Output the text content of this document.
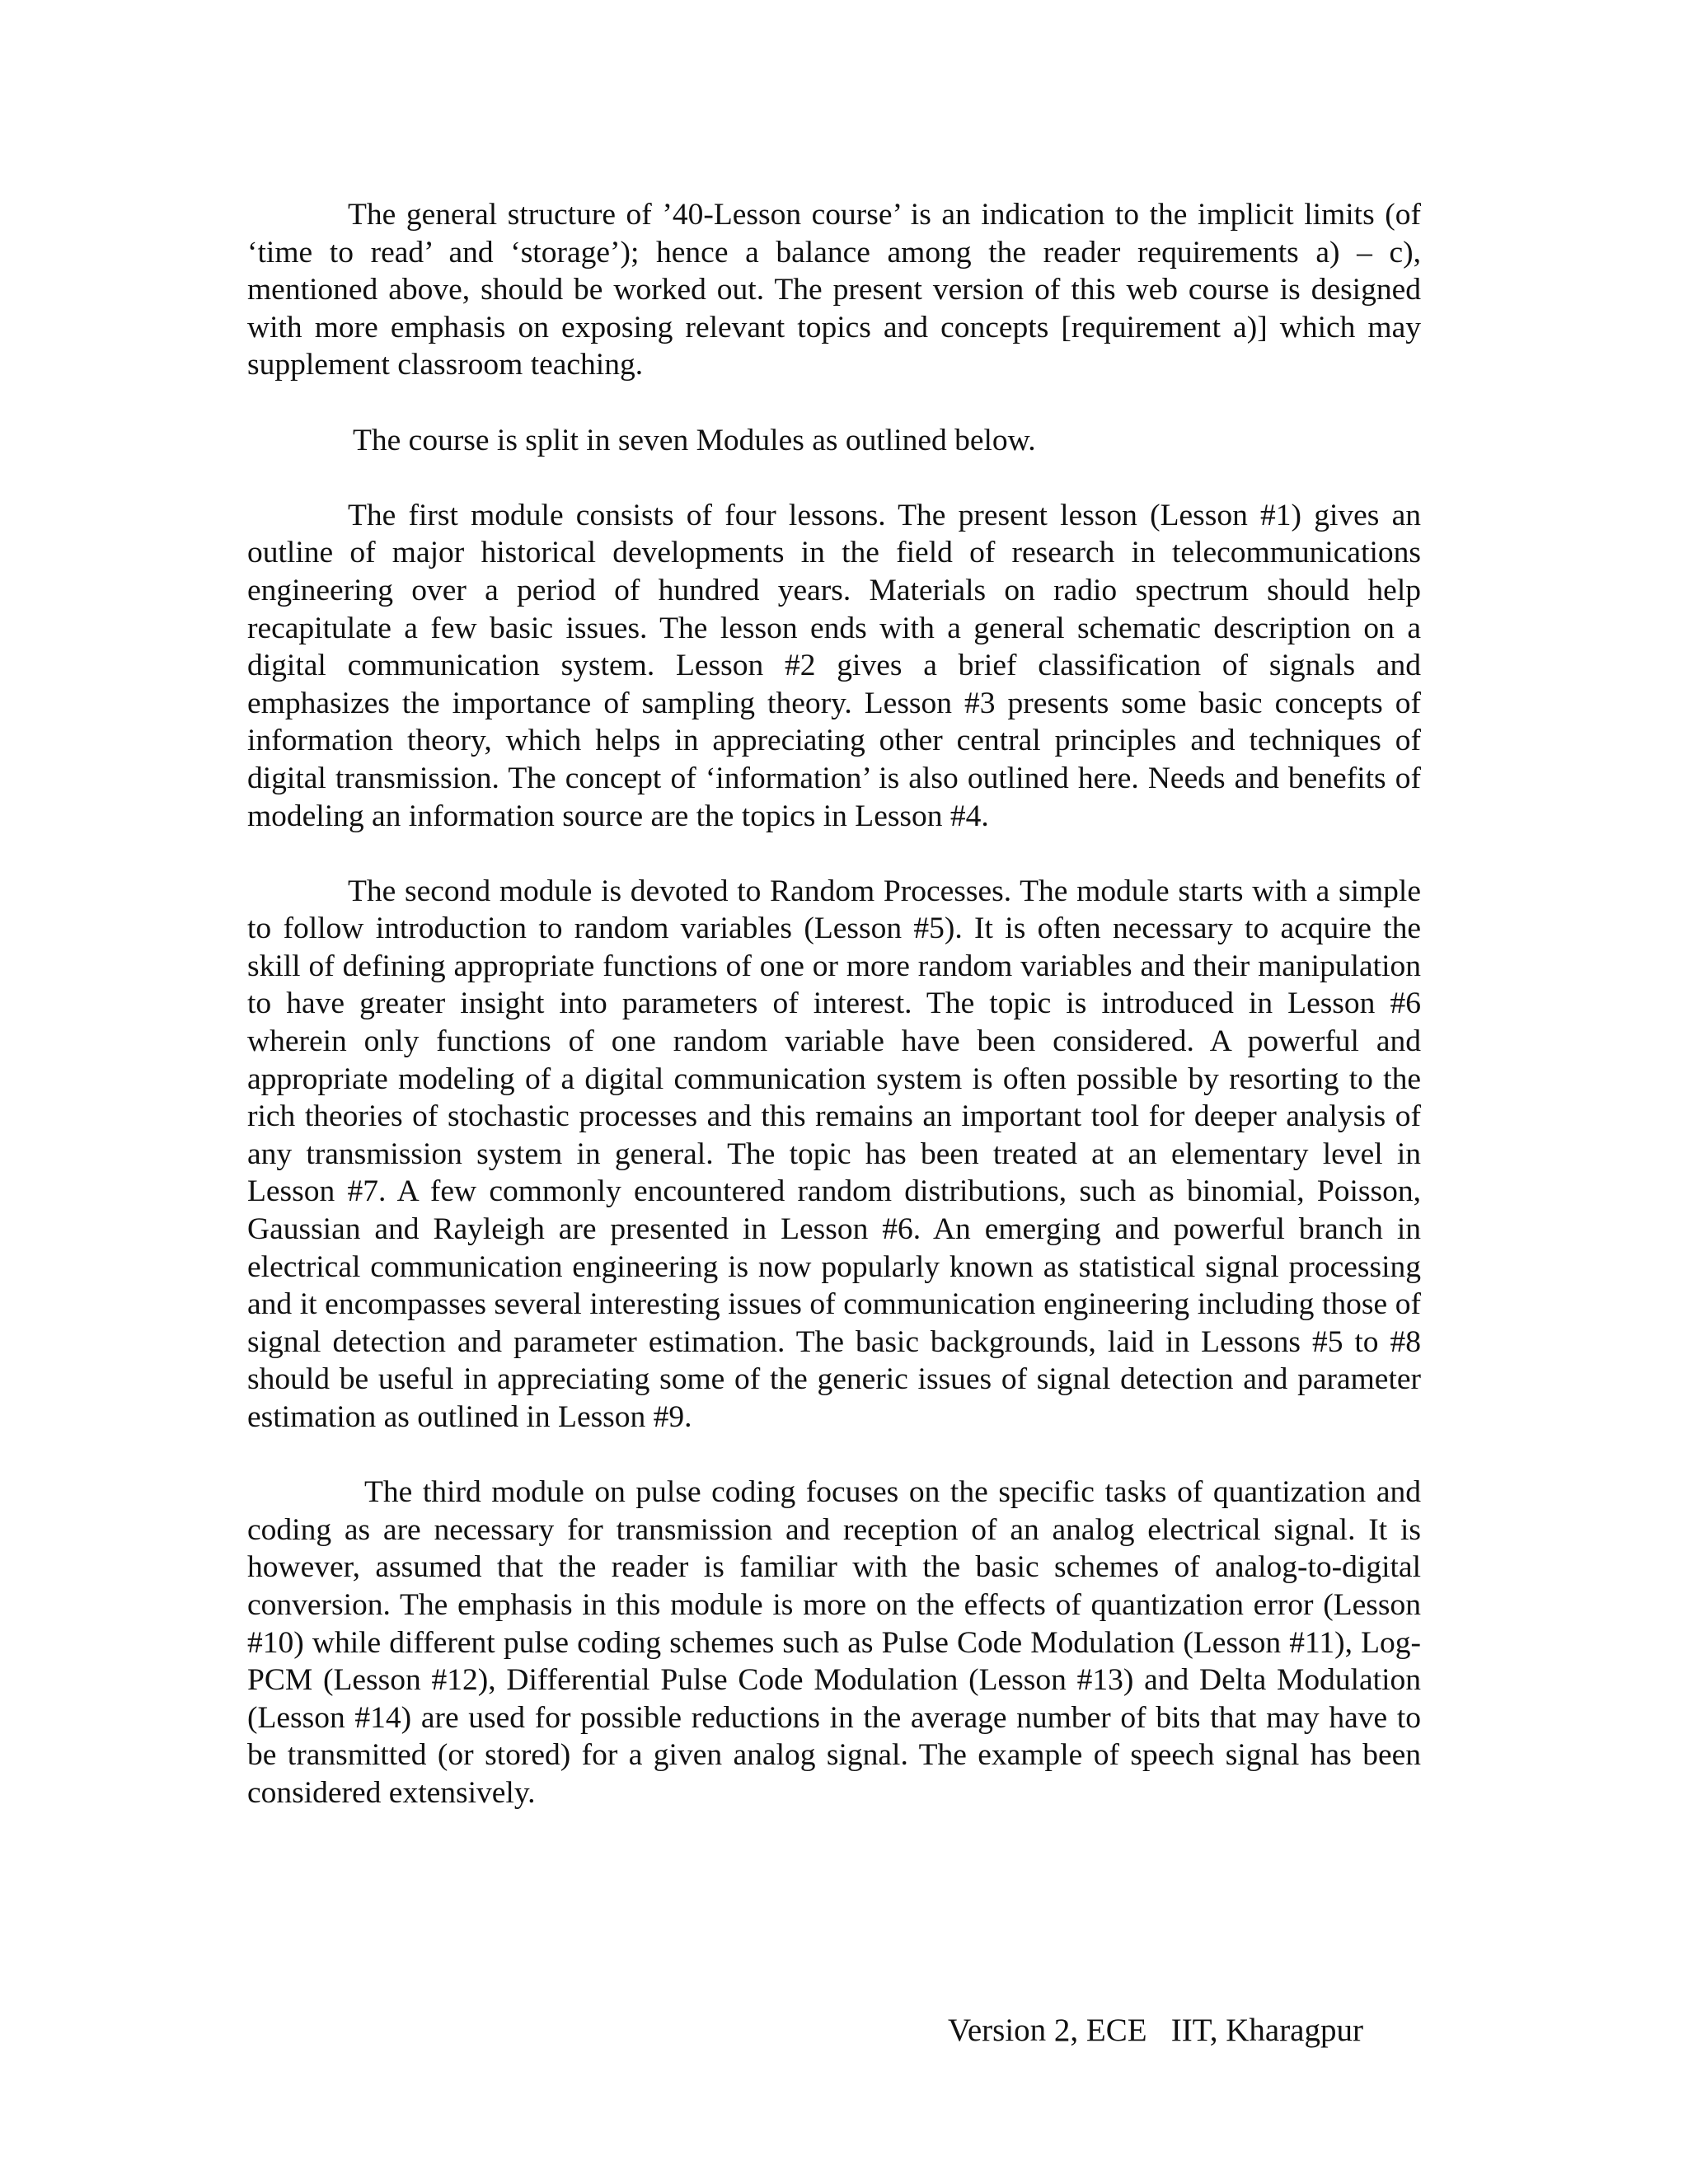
The general structure of ’40-Lesson course’ is an indication to the implicit limits (of ‘time to read’ and ‘storage’); hence a balance among the reader requirements a) – c), mentioned above, should be worked out. The present version of this web course is designed with more emphasis on exposing relevant topics and concepts [requirement a)] which may supplement classroom teaching.

The course is split in seven Modules as outlined below.

The first module consists of four lessons. The present lesson (Lesson #1) gives an outline of major historical developments in the field of research in telecommunications engineering over a period of hundred years. Materials on radio spectrum should help recapitulate a few basic issues. The lesson ends with a general schematic description on a digital communication system. Lesson #2 gives a brief classification of signals and emphasizes the importance of sampling theory. Lesson #3 presents some basic concepts of information theory, which helps in appreciating other central principles and techniques of digital transmission. The concept of ‘information’ is also outlined here. Needs and benefits of modeling an information source are the topics in Lesson #4.

The second module is devoted to Random Processes. The module starts with a simple to follow introduction to random variables (Lesson #5). It is often necessary to acquire the skill of defining appropriate functions of one or more random variables and their manipulation to have greater insight into parameters of interest. The topic is introduced in Lesson #6 wherein only functions of one random variable have been considered. A powerful and appropriate modeling of a digital communication system is often possible by resorting to the rich theories of stochastic processes and this remains an important tool for deeper analysis of any transmission system in general. The topic has been treated at an elementary level in Lesson #7. A few commonly encountered random distributions, such as binomial, Poisson, Gaussian and Rayleigh are presented in Lesson #6. An emerging and powerful branch in electrical communication engineering is now popularly known as statistical signal processing and it encompasses several interesting issues of communication engineering including those of signal detection and parameter estimation. The basic backgrounds, laid in Lessons #5 to #8 should be useful in appreciating some of the generic issues of signal detection and parameter estimation as outlined in Lesson #9.

The third module on pulse coding focuses on the specific tasks of quantization and coding as are necessary for transmission and reception of an analog electrical signal. It is however, assumed that the reader is familiar with the basic schemes of analog-to-digital conversion. The emphasis in this module is more on the effects of quantization error (Lesson #10) while different pulse coding schemes such as Pulse Code Modulation (Lesson #11), Log-PCM (Lesson #12), Differential Pulse Code Modulation (Lesson #13) and Delta Modulation (Lesson #14) are used for possible reductions in the average number of bits that may have to be transmitted (or stored) for a given analog signal. The example of speech signal has been considered extensively.

Version 2, ECE   IIT, Kharagpur
